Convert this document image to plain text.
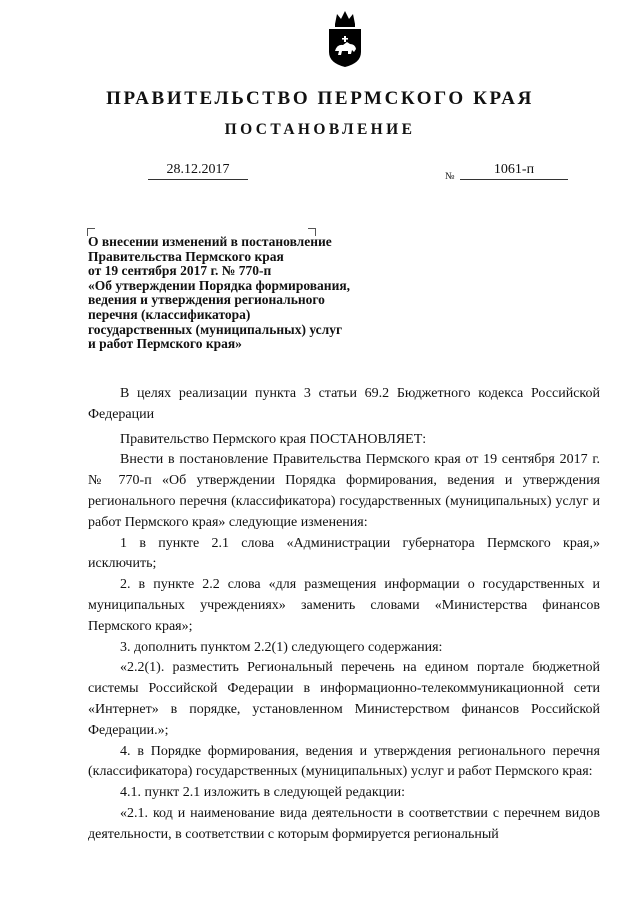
ПРАВИТЕЛЬСТВО ПЕРМСКОГО КРАЯ
ПОСТАНОВЛЕНИЕ
28.12.2017	№	1061-п
О внесении изменений в постановление
Правительства Пермского края
от 19 сентября 2017 г. № 770-п
«Об утверждении Порядка формирования,
ведения и утверждения регионального
перечня (классификатора)
государственных (муниципальных) услуг
и работ Пермского края»

В целях реализации пункта 3 статьи 69.2 Бюджетного кодекса Российской Федерации

Правительство Пермского края ПОСТАНОВЛЯЕТ:

Внести в постановление Правительства Пермского края от 19 сентября 2017 г. № 770-п «Об утверждении Порядка формирования, ведения и утверждения регионального перечня (классификатора) государственных (муниципальных) услуг и работ Пермского края» следующие изменения:

1 в пункте 2.1 слова «Администрации губернатора Пермского края,» исключить;

2. в пункте 2.2 слова «для размещения информации о государственных и муниципальных учреждениях» заменить словами «Министерства финансов Пермского края»;

3. дополнить пунктом 2.2(1) следующего содержания:

«2.2(1). разместить Региональный перечень на едином портале бюджетной системы Российской Федерации в информационно-телекоммуникационной сети «Интернет» в порядке, установленном Министерством финансов Российской Федерации.»;

4. в Порядке формирования, ведения и утверждения регионального перечня (классификатора) государственных (муниципальных) услуг и работ Пермского края:

4.1. пункт 2.1 изложить в следующей редакции:

«2.1. код и наименование вида деятельности в соответствии с перечнем видов деятельности, в соответствии с которым формируется региональный
